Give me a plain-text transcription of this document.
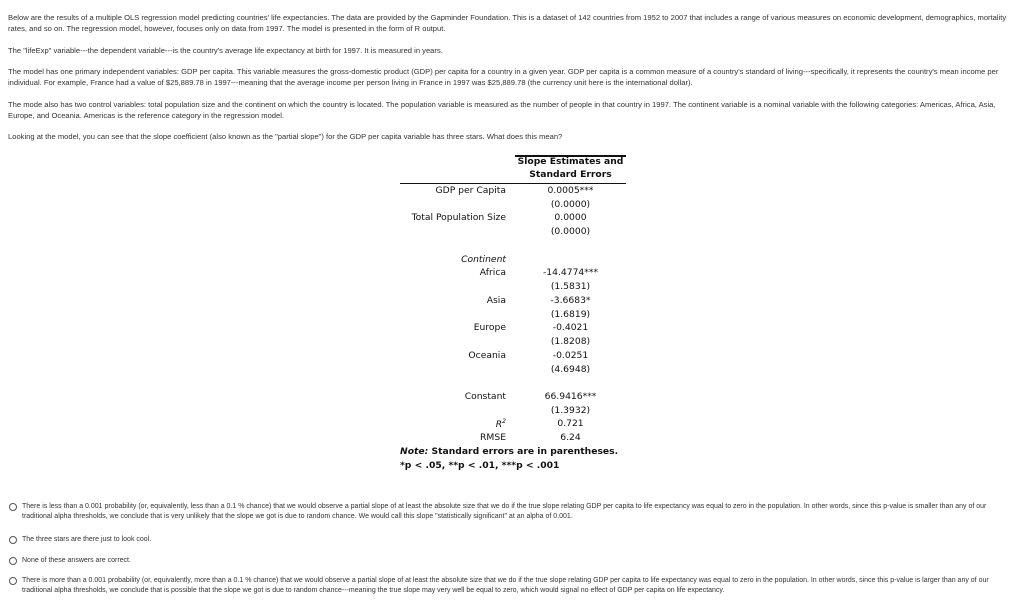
Below are the results of a multiple OLS regression model predicting countries' life expectancies. The data are provided by the Gapminder Foundation. This is a dataset of 142 countries from 1952 to 2007 that includes a range of various measures on economic development, demographics, mortality rates, and so on. The regression model, however, focuses only on data from 1997. The model is presented in the form of R output.
The "lifeExp" variable---the dependent variable---is the country's average life expectancy at birth for 1997. It is measured in years.
The model has one primary independent variables: GDP per capita. This variable measures the gross-domestic product (GDP) per capita for a country in a given year. GDP per capita is a common measure of a country's standard of living---specifically, it represents the country's mean income per individual. For example, France had a value of $25,889.78 in 1997---meaning that the average income per person living in France in 1997 was $25,889.78 (the currency unit here is the international dollar).
The mode also has two control variables: total population size and the continent on which the country is located. The population variable is measured as the number of people in that country in 1997. The continent variable is a nominal variable with the following categories: Americas, Africa, Asia, Europe, and Oceania. Americas is the reference category in the regression model.
Looking at the model, you can see that the slope coefficient (also known as the "partial slope") for the GDP per capita variable has three stars. What does this mean?
Slope Estimates and
Standard Errors
GDP per Capita	0.0005***
(0.0000)
Total Population Size	0.0000
(0.0000)
Continent
Africa	-14.4774***
(1.5831)
Asia	-3.6683*
(1.6819)
Europe	-0.4021
(1.8208)
Oceania	-0.0251
(4.6948)
Constant	66.9416***
(1.3932)
$R^2$	0.721
RMSE	6.24
Note: Standard errors are in parentheses.
*p < .05, **p < .01, ***p < .001
There is less than a 0.001 probability (or, equivalently, less than a 0.1 % chance) that we would observe a partial slope of at least the absolute size that we do if the true slope relating GDP per capita to life expectancy was equal to zero in the population. In other words, since this p-value is smaller than any of our traditional alpha thresholds, we conclude that is very unlikely that the slope we got is due to random chance. We would call this slope "statistically significant" at an alpha of 0.001.
The three stars are there just to look cool.
None of these answers are correct.
There is more than a 0.001 probability (or, equivalently, more than a 0.1 % chance) that we would observe a partial slope of at least the absolute size that we do if the true slope relating GDP per capita to life expectancy was equal to zero in the population. In other words, since this p-value is larger than any of our traditional alpha thresholds, we conclude that is possible that the slope we got is due to random chance---meaning the true slope may very well be equal to zero, which would signal no effect of GDP per capita on life expectancy.
